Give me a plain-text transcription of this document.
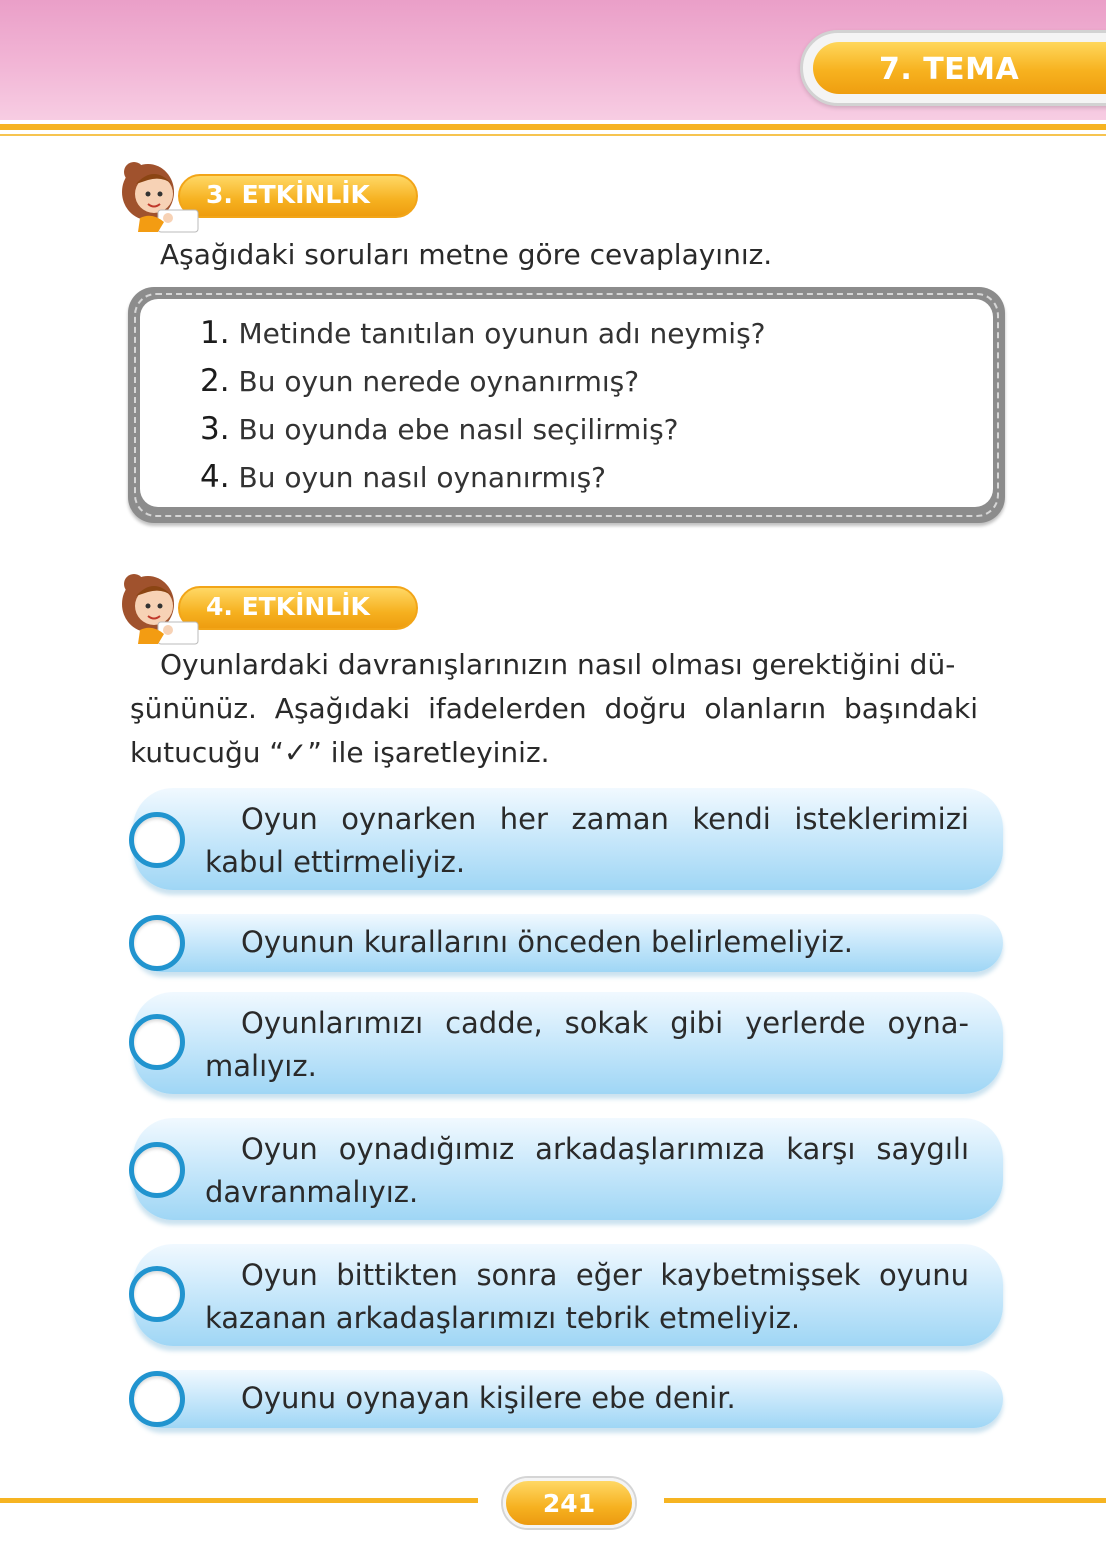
7. TEMA
3. ETKİNLİK
Aşağıdaki soruları metne göre cevaplayınız.
1. Metinde tanıtılan oyunun adı neymiş?
2. Bu oyun nerede oynanırmış?
3. Bu oyunda ebe nasıl seçilirmiş?
4. Bu oyun nasıl oynanırmış?
4. ETKİNLİK
Oyunlardaki davranışlarınızın nasıl olması gerektiğini dü-
şününüz. Aşağıdaki ifadelerden doğru olanların başındaki
kutucuğu “✓” ile işaretleyiniz.
Oyun oynarken her zaman kendi isteklerimizi kabul ettirmeliyiz.
Oyunun kurallarını önceden belirlemeliyiz.
Oyunlarımızı cadde, sokak gibi yerlerde oyna-malıyız.
Oyun oynadığımız arkadaşlarımıza karşı saygılı davranmalıyız.
Oyun bittikten sonra eğer kaybetmişsek oyunu kazanan arkadaşlarımızı tebrik etmeliyiz.
Oyunu oynayan kişilere ebe denir.
241
